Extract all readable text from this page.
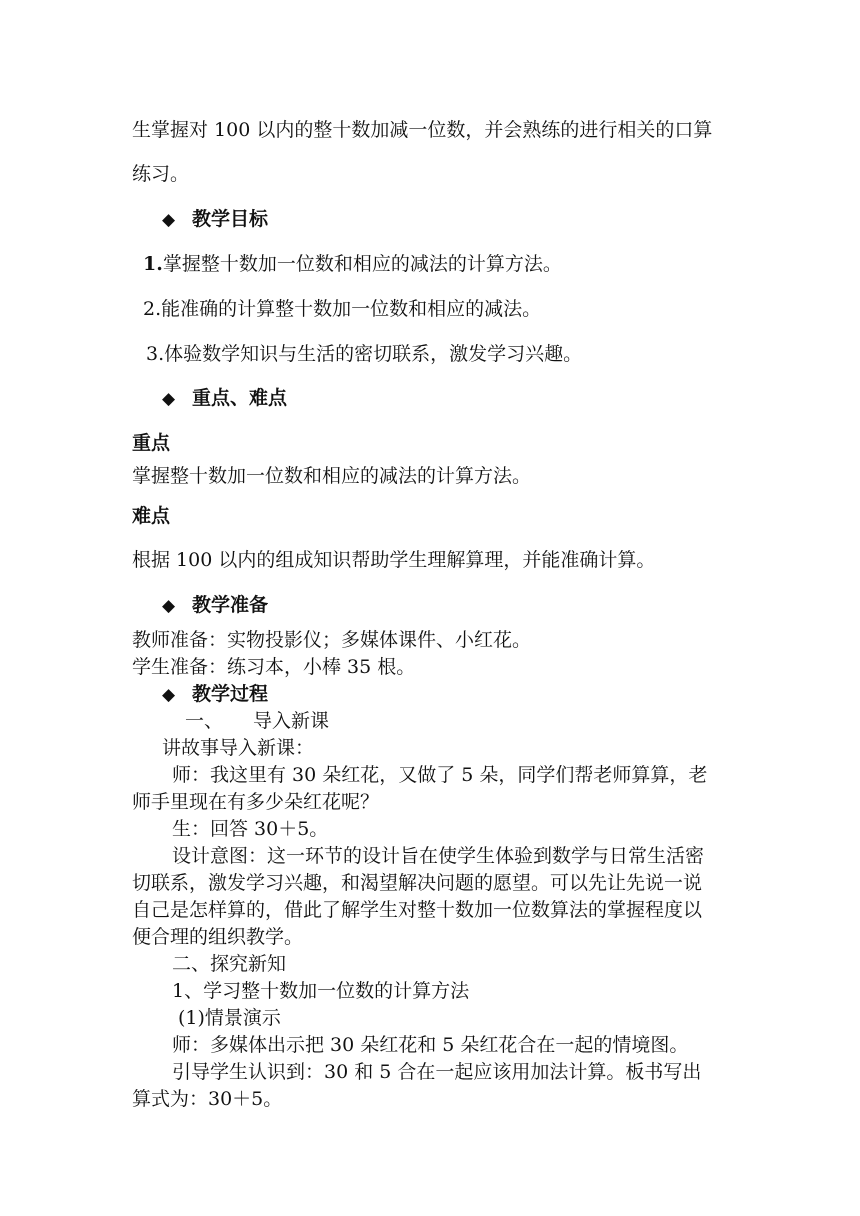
生掌握对 100 以内的整十数加减一位数，并会熟练的进行相关的口算
练习。
◆ 教学目标
1.掌握整十数加一位数和相应的减法的计算方法。
2.能准确的计算整十数加一位数和相应的减法。
3.体验数学知识与生活的密切联系，激发学习兴趣。
◆ 重点、难点
重点
掌握整十数加一位数和相应的减法的计算方法。
难点
根据 100 以内的组成知识帮助学生理解算理，并能准确计算。
◆ 教学准备
教师准备：实物投影仪；多媒体课件、小红花。
学生准备：练习本，小棒 35 根。
◆ 教学过程
一、 导入新课
讲故事导入新课：
师：我这里有 30 朵红花，又做了 5 朵，同学们帮老师算算，老
师手里现在有多少朵红花呢？
生：回答 30＋5。
设计意图：这一环节的设计旨在使学生体验到数学与日常生活密
切联系，激发学习兴趣，和渴望解决问题的愿望。可以先让先说一说
自己是怎样算的，借此了解学生对整十数加一位数算法的掌握程度以
便合理的组织教学。
二、探究新知
1、学习整十数加一位数的计算方法
(1)情景演示
师：多媒体出示把 30 朵红花和 5 朵红花合在一起的情境图。
引导学生认识到：30 和 5 合在一起应该用加法计算。板书写出
算式为：30＋5。
